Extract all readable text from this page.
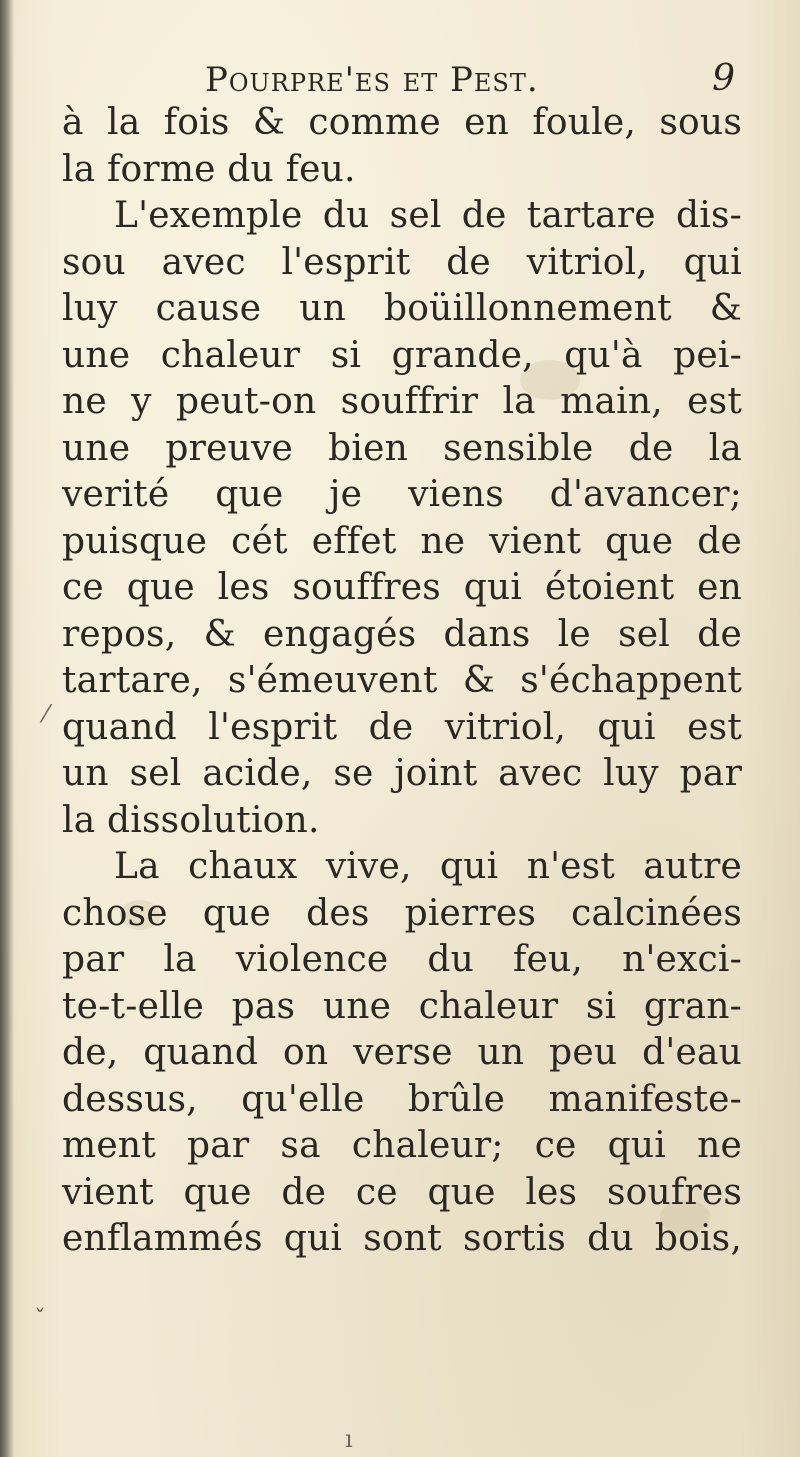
Pourpre'es et Pest.	9
à la fois & comme en foule, sous
la forme du feu.
L'exemple du sel de tartare dis-
sou avec l'esprit de vitriol, qui
luy cause un boüillonnement &
une chaleur si grande, qu'à pei-
ne y peut-on souffrir la main, est
une preuve bien sensible de la
verité que je viens d'avancer;
puisque cét effet ne vient que de
ce que les souffres qui étoient en
repos, & engagés dans le sel de
tartare, s'émeuvent & s'échappent
quand l'esprit de vitriol, qui est
un sel acide, se joint avec luy par
la dissolution.
La chaux vive, qui n'est autre
chose que des pierres calcinées
par la violence du feu, n'exci-
te-t-elle pas une chaleur si gran-
de, quand on verse un peu d'eau
dessus, qu'elle brûle manifeste-
ment par sa chaleur; ce qui ne
vient que de ce que les soufres
enflammés qui sont sortis du bois,
⁄
ˇ
ı
